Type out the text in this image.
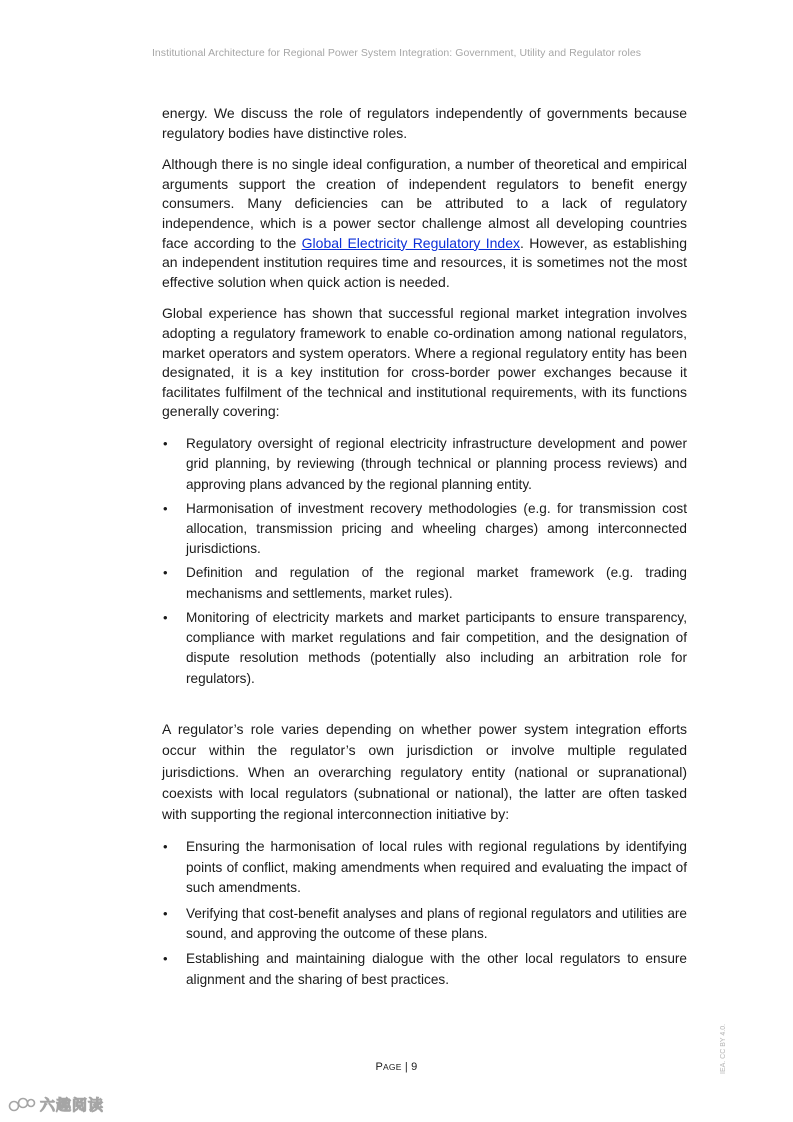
Institutional Architecture for Regional Power System Integration: Government, Utility and Regulator roles

energy. We discuss the role of regulators independently of governments because regulatory bodies have distinctive roles.

Although there is no single ideal configuration, a number of theoretical and empirical arguments support the creation of independent regulators to benefit energy consumers. Many deficiencies can be attributed to a lack of regulatory independence, which is a power sector challenge almost all developing countries face according to the Global Electricity Regulatory Index. However, as establishing an independent institution requires time and resources, it is sometimes not the most effective solution when quick action is needed.

Global experience has shown that successful regional market integration involves adopting a regulatory framework to enable co-ordination among national regulators, market operators and system operators. Where a regional regulatory entity has been designated, it is a key institution for cross-border power exchanges because it facilitates fulfilment of the technical and institutional requirements, with its functions generally covering:

• Regulatory oversight of regional electricity infrastructure development and power grid planning, by reviewing (through technical or planning process reviews) and approving plans advanced by the regional planning entity.
• Harmonisation of investment recovery methodologies (e.g. for transmission cost allocation, transmission pricing and wheeling charges) among interconnected jurisdictions.
• Definition and regulation of the regional market framework (e.g. trading mechanisms and settlements, market rules).
• Monitoring of electricity markets and market participants to ensure transparency, compliance with market regulations and fair competition, and the designation of dispute resolution methods (potentially also including an arbitration role for regulators).

A regulator’s role varies depending on whether power system integration efforts occur within the regulator’s own jurisdiction or involve multiple regulated jurisdictions. When an overarching regulatory entity (national or supranational) coexists with local regulators (subnational or national), the latter are often tasked with supporting the regional interconnection initiative by:

• Ensuring the harmonisation of local rules with regional regulations by identifying points of conflict, making amendments when required and evaluating the impact of such amendments.
• Verifying that cost-benefit analyses and plans of regional regulators and utilities are sound, and approving the outcome of these plans.
• Establishing and maintaining dialogue with the other local regulators to ensure alignment and the sharing of best practices.
PAGE | 9	IEA. CC BY 4.0.
六趣阅读
